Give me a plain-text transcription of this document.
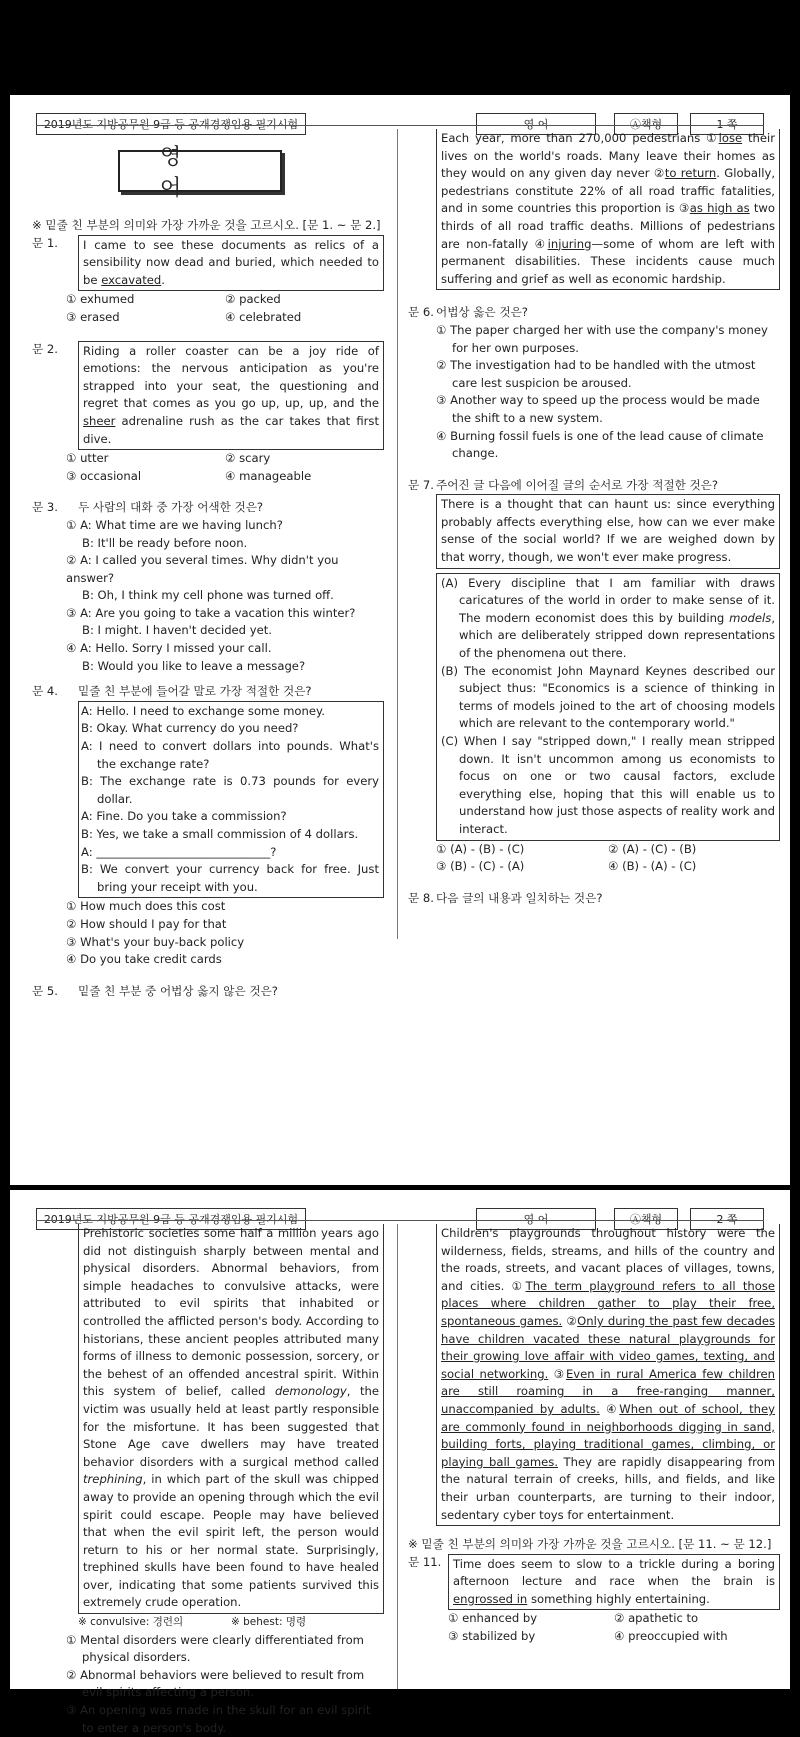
2019년도 지방공무원 9급 등 공개경쟁임용 필기시험	영 어	Ⓐ책형	1 쪽
영어
※ 밑줄 친 부분의 의미와 가장 가까운 것을 고르시오. [문 1. ~ 문 2.]
문 1.	I came to see these documents as relics of a sensibility now dead and buried, which needed to be excavated.
① exhumed	② packed
③ erased	④ celebrated
문 2.	Riding a roller coaster can be a joy ride of emotions: the nervous anticipation as you're strapped into your seat, the questioning and regret that comes as you go up, up, up, and the sheer adrenaline rush as the car takes that first dive.
① utter	② scary
③ occasional	④ manageable
문 3.	두 사람의 대화 중 가장 어색한 것은?
① A: What time are we having lunch?
B: It'll be ready before noon.
② A: I called you several times. Why didn't you answer?
B: Oh, I think my cell phone was turned off.
③ A: Are you going to take a vacation this winter?
B: I might. I haven't decided yet.
④ A: Hello. Sorry I missed your call.
B: Would you like to leave a message?
문 4.	밑줄 친 부분에 들어갈 말로 가장 적절한 것은?
A: Hello. I need to exchange some money.
B: Okay. What currency do you need?
A: I need to convert dollars into pounds. What's the exchange rate?
B: The exchange rate is 0.73 pounds for every dollar.
A: Fine. Do you take a commission?
B: Yes, we take a small commission of 4 dollars.
A: ______________________________?
B: We convert your currency back for free. Just bring your receipt with you.
① How much does this cost
② How should I pay for that
③ What's your buy-back policy
④ Do you take credit cards
문 5.	밑줄 친 부분 중 어법상 옳지 않은 것은?
Each year, more than 270,000 pedestrians ①lose their lives on the world's roads. Many leave their homes as they would on any given day never ②to return. Globally, pedestrians constitute 22% of all road traffic fatalities, and in some countries this proportion is ③as high as two thirds of all road traffic deaths. Millions of pedestrians are non-fatally ④injuring—some of whom are left with permanent disabilities. These incidents cause much suffering and grief as well as economic hardship.
문 6. 어법상 옳은 것은?
① The paper charged her with use the company's money for her own purposes.
② The investigation had to be handled with the utmost care lest suspicion be aroused.
③ Another way to speed up the process would be made the shift to a new system.
④ Burning fossil fuels is one of the lead cause of climate change.
문 7. 주어진 글 다음에 이어질 글의 순서로 가장 적절한 것은?
There is a thought that can haunt us: since everything probably affects everything else, how can we ever make sense of the social world? If we are weighed down by that worry, though, we won't ever make progress.
(A) Every discipline that I am familiar with draws caricatures of the world in order to make sense of it. The modern economist does this by building models, which are deliberately stripped down representations of the phenomena out there.
(B) The economist John Maynard Keynes described our subject thus: "Economics is a science of thinking in terms of models joined to the art of choosing models which are relevant to the contemporary world."
(C) When I say "stripped down," I really mean stripped down. It isn't uncommon among us economists to focus on one or two causal factors, exclude everything else, hoping that this will enable us to understand how just those aspects of reality work and interact.
① (A) - (B) - (C)	② (A) - (C) - (B)
③ (B) - (C) - (A)	④ (B) - (A) - (C)
문 8. 다음 글의 내용과 일치하는 것은?
2019년도 지방공무원 9급 등 공개경쟁임용 필기시험	영 어	Ⓐ책형	2 쪽
Prehistoric societies some half a million years ago did not distinguish sharply between mental and physical disorders. Abnormal behaviors, from simple headaches to convulsive attacks, were attributed to evil spirits that inhabited or controlled the afflicted person's body. According to historians, these ancient peoples attributed many forms of illness to demonic possession, sorcery, or the behest of an offended ancestral spirit. Within this system of belief, called demonology, the victim was usually held at least partly responsible for the misfortune. It has been suggested that Stone Age cave dwellers may have treated behavior disorders with a surgical method called trephining, in which part of the skull was chipped away to provide an opening through which the evil spirit could escape. People may have believed that when the evil spirit left, the person would return to his or her normal state. Surprisingly, trephined skulls have been found to have healed over, indicating that some patients survived this extremely crude operation.
※ convulsive: 경련의	※ behest: 명령
① Mental disorders were clearly differentiated from physical disorders.
② Abnormal behaviors were believed to result from evil spirits affecting a person.
③ An opening was made in the skull for an evil spirit to enter a person's body.
Children's playgrounds throughout history were the wilderness, fields, streams, and hills of the country and the roads, streets, and vacant places of villages, towns, and cities. ①The term playground refers to all those places where children gather to play their free, spontaneous games. ②Only during the past few decades have children vacated these natural playgrounds for their growing love affair with video games, texting, and social networking. ③Even in rural America few children are still roaming in a free-ranging manner, unaccompanied by adults. ④When out of school, they are commonly found in neighborhoods digging in sand, building forts, playing traditional games, climbing, or playing ball games. They are rapidly disappearing from the natural terrain of creeks, hills, and fields, and like their urban counterparts, are turning to their indoor, sedentary cyber toys for entertainment.
※ 밑줄 친 부분의 의미와 가장 가까운 것을 고르시오. [문 11. ~ 문 12.]
문 11.	Time does seem to slow to a trickle during a boring afternoon lecture and race when the brain is engrossed in something highly entertaining.
① enhanced by	② apathetic to
③ stabilized by	④ preoccupied with
